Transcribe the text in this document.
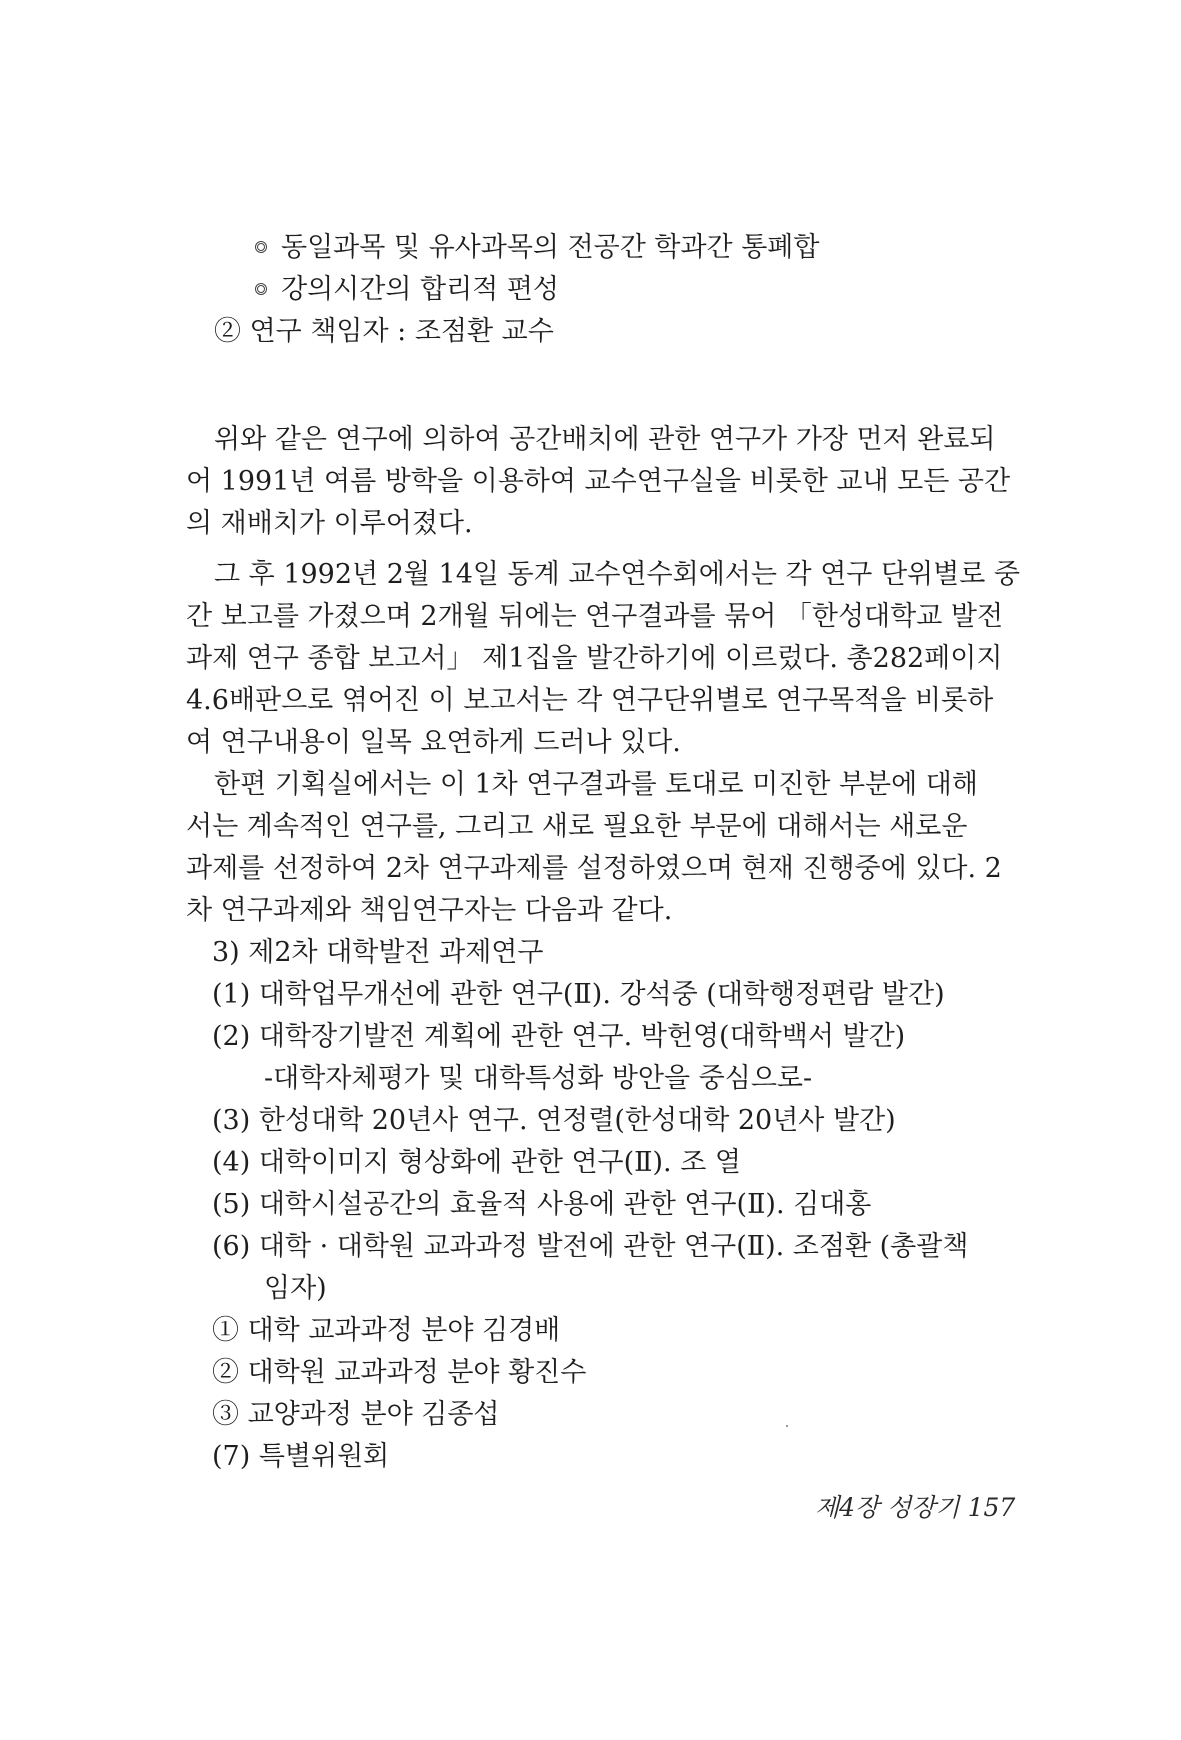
동일과목 및 유사과목의 전공간 학과간 통폐합
강의시간의 합리적 편성
② 연구 책임자 : 조점환 교수
위와 같은 연구에 의하여 공간배치에 관한 연구가 가장 먼저 완료되
어 1991년 여름 방학을 이용하여 교수연구실을 비롯한 교내 모든 공간
의 재배치가 이루어졌다.
그 후 1992년 2월 14일 동계 교수연수회에서는 각 연구 단위별로 중
간 보고를 가졌으며 2개월 뒤에는 연구결과를 묶어 「한성대학교 발전
과제 연구 종합 보고서」 제1집을 발간하기에 이르렀다. 총282페이지
4.6배판으로 엮어진 이 보고서는 각 연구단위별로 연구목적을 비롯하
여 연구내용이 일목 요연하게 드러나 있다.
한편 기획실에서는 이 1차 연구결과를 토대로 미진한 부분에 대해
서는 계속적인 연구를, 그리고 새로 필요한 부문에 대해서는 새로운
과제를 선정하여 2차 연구과제를 설정하였으며 현재 진행중에 있다. 2
차 연구과제와 책임연구자는 다음과 같다.
3) 제2차 대학발전 과제연구
(1) 대학업무개선에 관한 연구(Ⅱ). 강석중 (대학행정편람 발간)
(2) 대학장기발전 계획에 관한 연구. 박헌영(대학백서 발간)
-대학자체평가 및 대학특성화 방안을 중심으로-
(3) 한성대학 20년사 연구. 연정렬(한성대학 20년사 발간)
(4) 대학이미지 형상화에 관한 연구(Ⅱ). 조 열
(5) 대학시설공간의 효율적 사용에 관한 연구(Ⅱ). 김대홍
(6) 대학 · 대학원 교과과정 발전에 관한 연구(Ⅱ). 조점환 (총괄책
임자)
① 대학 교과과정 분야 김경배
② 대학원 교과과정 분야 황진수
③ 교양과정 분야 김종섭
(7) 특별위원회
제4장 성장기 157
